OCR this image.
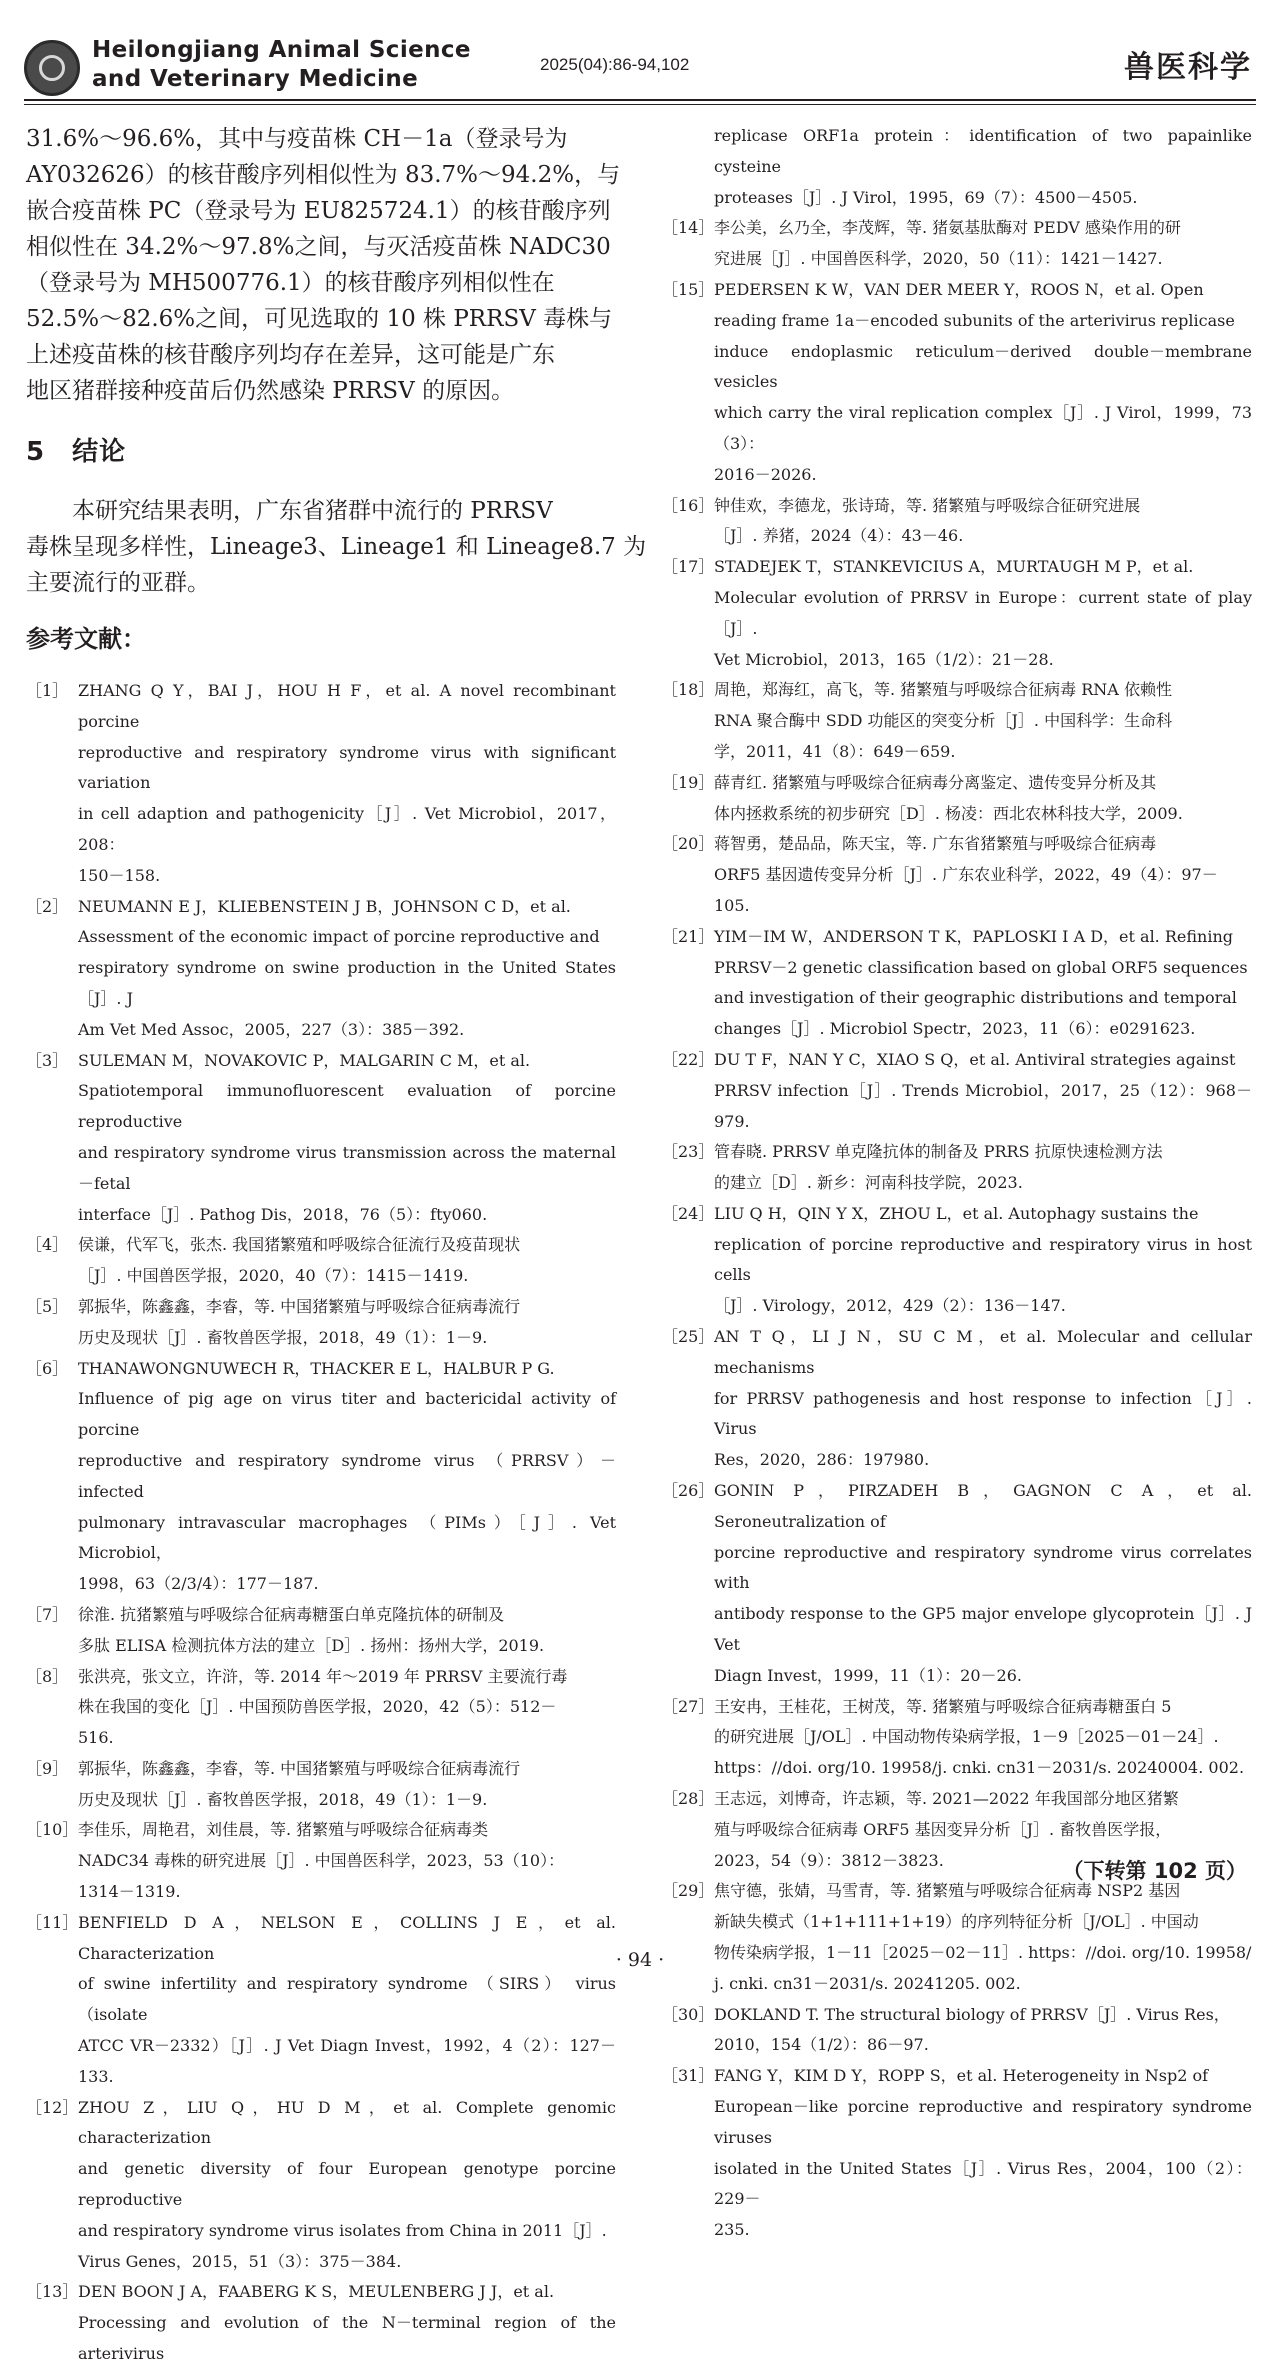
Heilongjiang Animal Science
and Veterinary Medicine
2025(04):86-94,102	兽医科学
31.6%～96.6%，其中与疫苗株 CH－1a（登录号为
AY032626）的核苷酸序列相似性为 83.7%～94.2%，与
嵌合疫苗株 PC（登录号为 EU825724.1）的核苷酸序列
相似性在 34.2%～97.8%之间，与灭活疫苗株 NADC30
（登录号为 MH500776.1）的核苷酸序列相似性在
52.5%～82.6%之间，可见选取的 10 株 PRRSV 毒株与
上述疫苗株的核苷酸序列均存在差异，这可能是广东
地区猪群接种疫苗后仍然感染 PRRSV 的原因。
5　结论
　　本研究结果表明，广东省猪群中流行的 PRRSV
毒株呈现多样性，Lineage3、Lineage1 和 Lineage8.7 为
主要流行的亚群。
参考文献：
［1］ ZHANG Q Y，BAI J，HOU H F，et al. A novel recombinant porcine
reproductive and respiratory syndrome virus with significant variation
in cell adaption and pathogenicity［J］. Vet Microbiol，2017，208：
150－158.
［2］ NEUMANN E J，KLIEBENSTEIN J B，JOHNSON C D，et al.
Assessment of the economic impact of porcine reproductive and
respiratory syndrome on swine production in the United States［J］. J
Am Vet Med Assoc，2005，227（3）：385－392.
［3］ SULEMAN M，NOVAKOVIC P，MALGARIN C M，et al.
Spatiotemporal immunofluorescent evaluation of porcine reproductive
and respiratory syndrome virus transmission across the maternal－fetal
interface［J］. Pathog Dis，2018，76（5）：fty060.
［4］ 侯谦，代军飞，张杰. 我国猪繁殖和呼吸综合征流行及疫苗现状
［J］. 中国兽医学报，2020，40（7）：1415－1419.
［5］ 郭振华，陈鑫鑫，李睿，等. 中国猪繁殖与呼吸综合征病毒流行
历史及现状［J］. 畜牧兽医学报，2018，49（1）：1－9.
［6］ THANAWONGNUWECH R，THACKER E L，HALBUR P G.
Influence of pig age on virus titer and bactericidal activity of porcine
reproductive and respiratory syndrome virus （PRRSV）－infected
pulmonary intravascular macrophages （PIMs）［J］. Vet Microbiol，
1998，63（2/3/4）：177－187.
［7］ 徐淮. 抗猪繁殖与呼吸综合征病毒糖蛋白单克隆抗体的研制及
多肽 ELISA 检测抗体方法的建立［D］. 扬州：扬州大学，2019.
［8］ 张洪亮，张文立，许浒，等. 2014 年～2019 年 PRRSV 主要流行毒
株在我国的变化［J］. 中国预防兽医学报，2020，42（5）：512－
516.
［9］ 郭振华，陈鑫鑫，李睿，等. 中国猪繁殖与呼吸综合征病毒流行
历史及现状［J］. 畜牧兽医学报，2018，49（1）：1－9.
［10］ 李佳乐，周艳君，刘佳晨，等. 猪繁殖与呼吸综合征病毒类
NADC34 毒株的研究进展［J］. 中国兽医科学，2023，53（10）：
1314－1319.
［11］ BENFIELD D A，NELSON E，COLLINS J E，et al. Characterization
of swine infertility and respiratory syndrome （SIRS） virus （isolate
ATCC VR－2332）［J］. J Vet Diagn Invest，1992，4（2）：127－133.
［12］ ZHOU Z，LIU Q，HU D M，et al. Complete genomic characterization
and genetic diversity of four European genotype porcine reproductive
and respiratory syndrome virus isolates from China in 2011［J］.
Virus Genes，2015，51（3）：375－384.
［13］ DEN BOON J A，FAABERG K S，MEULENBERG J J，et al.
Processing and evolution of the N－terminal region of the arterivirus
replicase ORF1a protein：identification of two papainlike cysteine
proteases［J］. J Virol，1995，69（7）：4500－4505.
［14］ 李公美，幺乃全，李茂辉，等. 猪氨基肽酶对 PEDV 感染作用的研
究进展［J］. 中国兽医科学，2020，50（11）：1421－1427.
［15］ PEDERSEN K W，VAN DER MEER Y，ROOS N，et al. Open
reading frame 1a－encoded subunits of the arterivirus replicase
induce endoplasmic reticulum－derived double－membrane vesicles
which carry the viral replication complex［J］. J Virol，1999，73（3）：
2016－2026.
［16］ 钟佳欢，李德龙，张诗琦，等. 猪繁殖与呼吸综合征研究进展
［J］. 养猪，2024（4）：43－46.
［17］ STADEJEK T，STANKEVICIUS A，MURTAUGH M P，et al.
Molecular evolution of PRRSV in Europe：current state of play［J］.
Vet Microbiol，2013，165（1/2）：21－28.
［18］ 周艳，郑海红，高飞，等. 猪繁殖与呼吸综合征病毒 RNA 依赖性
RNA 聚合酶中 SDD 功能区的突变分析［J］. 中国科学：生命科
学，2011，41（8）：649－659.
［19］ 薛青红. 猪繁殖与呼吸综合征病毒分离鉴定、遗传变异分析及其
体内拯救系统的初步研究［D］. 杨凌：西北农林科技大学，2009.
［20］ 蒋智勇，楚品品，陈天宝，等. 广东省猪繁殖与呼吸综合征病毒
ORF5 基因遗传变异分析［J］. 广东农业科学，2022，49（4）：97－
105.
［21］ YIM－IM W，ANDERSON T K，PAPLOSKI I A D，et al. Refining
PRRSV－2 genetic classification based on global ORF5 sequences
and investigation of their geographic distributions and temporal
changes［J］. Microbiol Spectr，2023，11（6）：e0291623.
［22］ DU T F，NAN Y C，XIAO S Q，et al. Antiviral strategies against
PRRSV infection［J］. Trends Microbiol，2017，25（12）：968－979.
［23］ 管春晓. PRRSV 单克隆抗体的制备及 PRRS 抗原快速检测方法
的建立［D］. 新乡：河南科技学院，2023.
［24］ LIU Q H，QIN Y X，ZHOU L，et al. Autophagy sustains the
replication of porcine reproductive and respiratory virus in host cells
［J］. Virology，2012，429（2）：136－147.
［25］ AN T Q，LI J N，SU C M，et al. Molecular and cellular mechanisms
for PRRSV pathogenesis and host response to infection［J］. Virus
Res，2020，286：197980.
［26］ GONIN P，PIRZADEH B，GAGNON C A，et al. Seroneutralization of
porcine reproductive and respiratory syndrome virus correlates with
antibody response to the GP5 major envelope glycoprotein［J］. J Vet
Diagn Invest，1999，11（1）：20－26.
［27］ 王安冉，王桂花，王树茂，等. 猪繁殖与呼吸综合征病毒糖蛋白 5
的研究进展［J/OL］. 中国动物传染病学报，1－9［2025－01－24］.
https：//doi. org/10. 19958/j. cnki. cn31－2031/s. 20240004. 002.
［28］ 王志远，刘博奇，许志颖，等. 2021—2022 年我国部分地区猪繁
殖与呼吸综合征病毒 ORF5 基因变异分析［J］. 畜牧兽医学报，
2023，54（9）：3812－3823.
［29］ 焦守德，张婧，马雪青，等. 猪繁殖与呼吸综合征病毒 NSP2 基因
新缺失模式（1+1+111+1+19）的序列特征分析［J/OL］. 中国动
物传染病学报，1－11［2025－02－11］. https：//doi. org/10. 19958/
j. cnki. cn31－2031/s. 20241205. 002.
［30］ DOKLAND T. The structural biology of PRRSV［J］. Virus Res，
2010，154（1/2）：86－97.
［31］ FANG Y，KIM D Y，ROPP S，et al. Heterogeneity in Nsp2 of
European－like porcine reproductive and respiratory syndrome viruses
isolated in the United States［J］. Virus Res，2004，100（2）：229－
235.
（下转第 102 页）
· 94 ·
